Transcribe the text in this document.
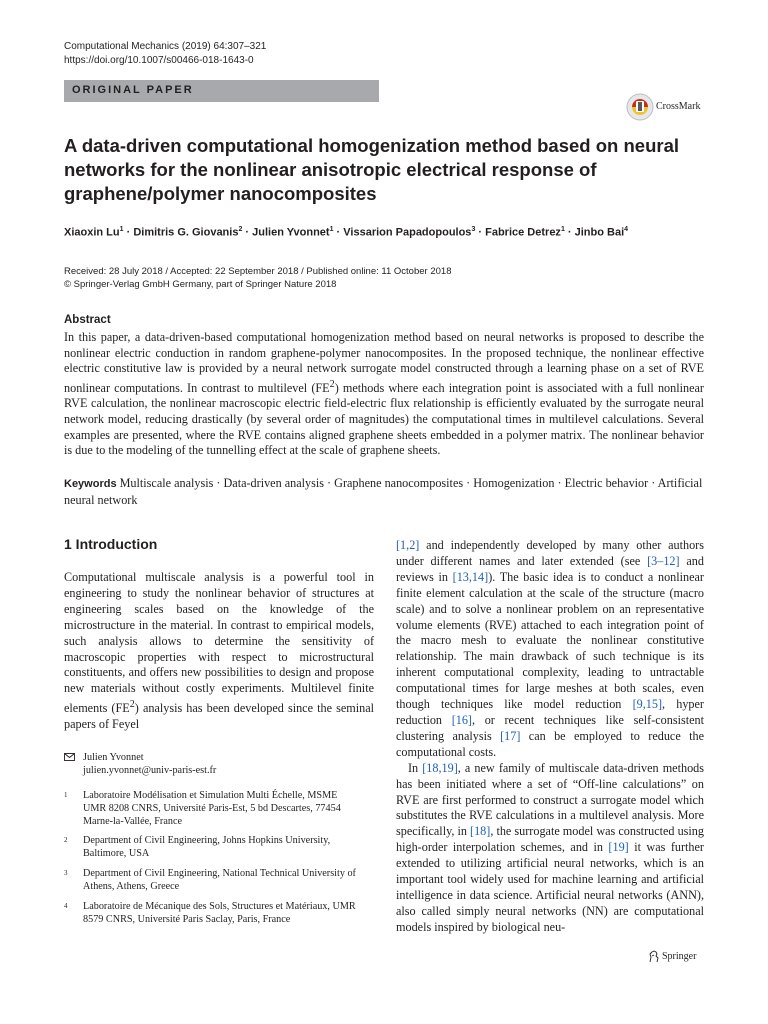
Computational Mechanics (2019) 64:307–321
https://doi.org/10.1007/s00466-018-1643-0
ORIGINAL PAPER
CrossMark
A data-driven computational homogenization method based on neural networks for the nonlinear anisotropic electrical response of graphene/polymer nanocomposites
Xiaoxin $Lu^1$ · Dimitris G. Giovanis$^2$ · Julien Yvonnet$^1$ · Vissarion Papadopoulos$^3$ · Fabrice Detrez$^1$ · Jinbo Bai$^4$
Received: 28 July 2018 / Accepted: 22 September 2018 / Published online: 11 October 2018
© Springer-Verlag GmbH Germany, part of Springer Nature 2018
Abstract
In this paper, a data-driven-based computational homogenization method based on neural networks is proposed to describe the nonlinear electric conduction in random graphene-polymer nanocomposites. In the proposed technique, the nonlinear effective electric constitutive law is provided by a neural network surrogate model constructed through a learning phase on a set of RVE nonlinear computations. In contrast to multilevel $(FE^2)$ methods where each integration point is associated with a full nonlinear RVE calculation, the nonlinear macroscopic electric field-electric flux relationship is efficiently evaluated by the surrogate neural network model, reducing drastically (by several order of magnitudes) the computational times in multilevel calculations. Several examples are presented, where the RVE contains aligned graphene sheets embedded in a polymer matrix. The nonlinear behavior is due to the modeling of the tunnelling effect at the scale of graphene sheets.
Keywords Multiscale analysis · Data-driven analysis · Graphene nanocomposites · Homogenization · Electric behavior · Artificial neural network
1 Introduction

Computational multiscale analysis is a powerful tool in engineering to study the nonlinear behavior of structures at engineering scales based on the knowledge of the microstructure in the material. In contrast to empirical models, such analysis allows to determine the sensitivity of macroscopic properties with respect to microstructural constituents, and offers new possibilities to design and propose new materials without costly experiments. Multilevel finite elements $(FE^2)$ analysis has been developed since the seminal papers of Feyel

[1,2] and independently developed by many other authors under different names and later extended (see [3–12] and reviews in [13,14]). The basic idea is to conduct a nonlinear finite element calculation at the scale of the structure (macro scale) and to solve a nonlinear problem on an representative volume elements (RVE) attached to each integration point of the macro mesh to evaluate the nonlinear constitutive relationship. The main drawback of such technique is its inherent computational complexity, leading to untractable computational times for large meshes at both scales, even though techniques like model reduction [9,15], hyper reduction [16], or recent techniques like self-consistent clustering analysis [17] can be employed to reduce the computational costs.

In [18,19], a new family of multiscale data-driven methods has been initiated where a set of “Off-line calculations” on RVE are first performed to construct a surrogate model which substitutes the RVE calculations in a multilevel analysis. More specifically, in [18], the surrogate model was constructed using high-order interpolation schemes, and in [19] it was further extended to utilizing artificial neural networks, which is an important tool widely used for machine learning and artificial intelligence in data science. Artificial neural networks (ANN), also called simply neural networks (NN) are computational models inspired by biological neu-

Julien Yvonnet
julien.yvonnet@univ-paris-est.fr
1 Laboratoire Modélisation et Simulation Multi Échelle, MSME UMR 8208 CNRS, Université Paris-Est, 5 bd Descartes, 77454 Marne-la-Vallée, France
2 Department of Civil Engineering, Johns Hopkins University, Baltimore, USA
3 Department of Civil Engineering, National Technical University of Athens, Athens, Greece
4 Laboratoire de Mécanique des Sols, Structures et Matériaux, UMR 8579 CNRS, Université Paris Saclay, Paris, France
Springer
